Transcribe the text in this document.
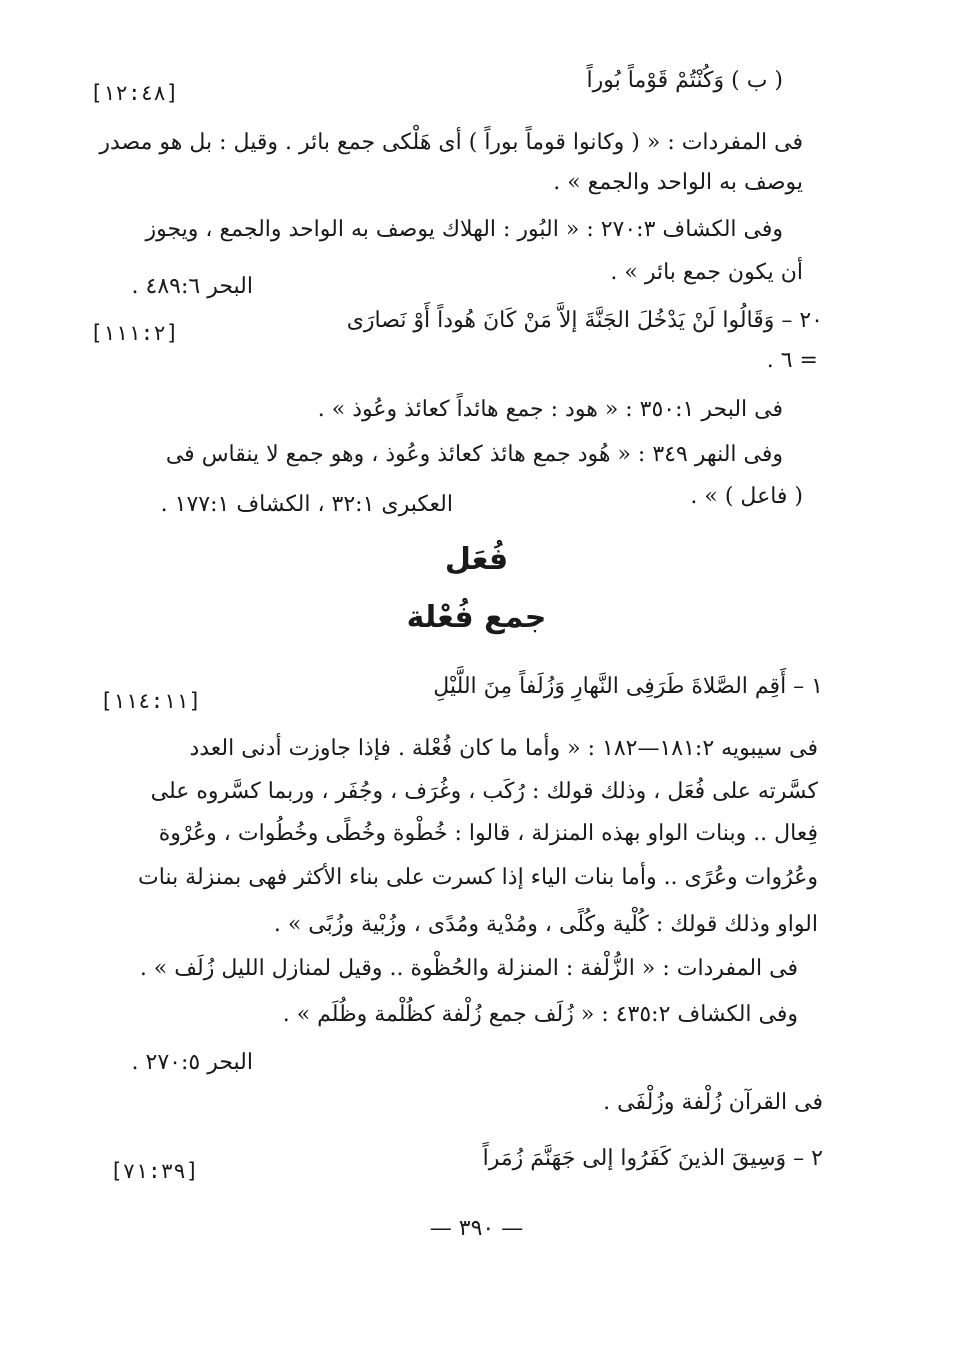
( ب ) وَكُنْتُمْ قَوْماً بُوراً
[١٢:٤٨]
فى المفردات : « ( وكانوا قوماً بوراً ) أى هَلْكى جمع بائر . وقيل : بل هو مصدر
يوصف به الواحد والجمع » .
وفى الكشاف ٢٧٠:٣ : « البُور : الهلاك يوصف به الواحد والجمع ، ويجوز
أن يكون جمع بائر » .
البحر ٤٨٩:٦ .
٢٠ – وَقَالُوا لَنْ يَدْخُلَ الجَنَّةَ إلاَّ مَنْ كَانَ هُوداً أَوْ نَصارَى
[١١١:٢]
= ٦ .
فى البحر ٣٥٠:١ : « هود : جمع هائداً كعائذ وعُوذ » .
وفى النهر ٣٤٩ : « هُود جمع هائذ كعائذ وعُوذ ، وهو جمع لا ينقاس فى
( فاعل ) » .
العكبرى ٣٢:١ ، الكشاف ١٧٧:١ .
فُعَل
جمع فُعْلة
١ – أَقِم الصَّلاةَ طَرَفِى النَّهارِ وَزُلَفاً مِنَ اللَّيْلِ
[١١٤:١١]
فى سيبويه ١٨١:٢—١٨٢ : « وأما ما كان فُعْلة . فإذا جاوزت أدنى العدد
كسَّرته على فُعَل ، وذلك قولك : رُكَب ، وغُرَف ، وجُفَر ، وربما كسَّروه على
فِعال .. وبنات الواو بهذه المنزلة ، قالوا : خُطْوة وخُطًى وخُطُوات ، وعُرْوة
وعُرُوات وعُرًى .. وأما بنات الياء إذا كسرت على بناء الأكثر فهى بمنزلة بنات
الواو وذلك قولك : كُلْية وكُلًى ، ومُدْية ومُدًى ، وزُبْية وزُبًى » .
فى المفردات : « الزُّلْفة : المنزلة والحُظْوة .. وقيل لمنازل الليل زُلَف » .
وفى الكشاف ٤٣٥:٢ : « زُلَف جمع زُلْفة كظُلْمة وظُلَم » .
البحر ٢٧٠:٥ .
فى القرآن زُلْفة وزُلْفَى .
٢ – وَسِيقَ الذينَ كَفَرُوا إلى جَهَنَّمَ زُمَراً
[٧١:٣٩]
— ٣٩٠ —
